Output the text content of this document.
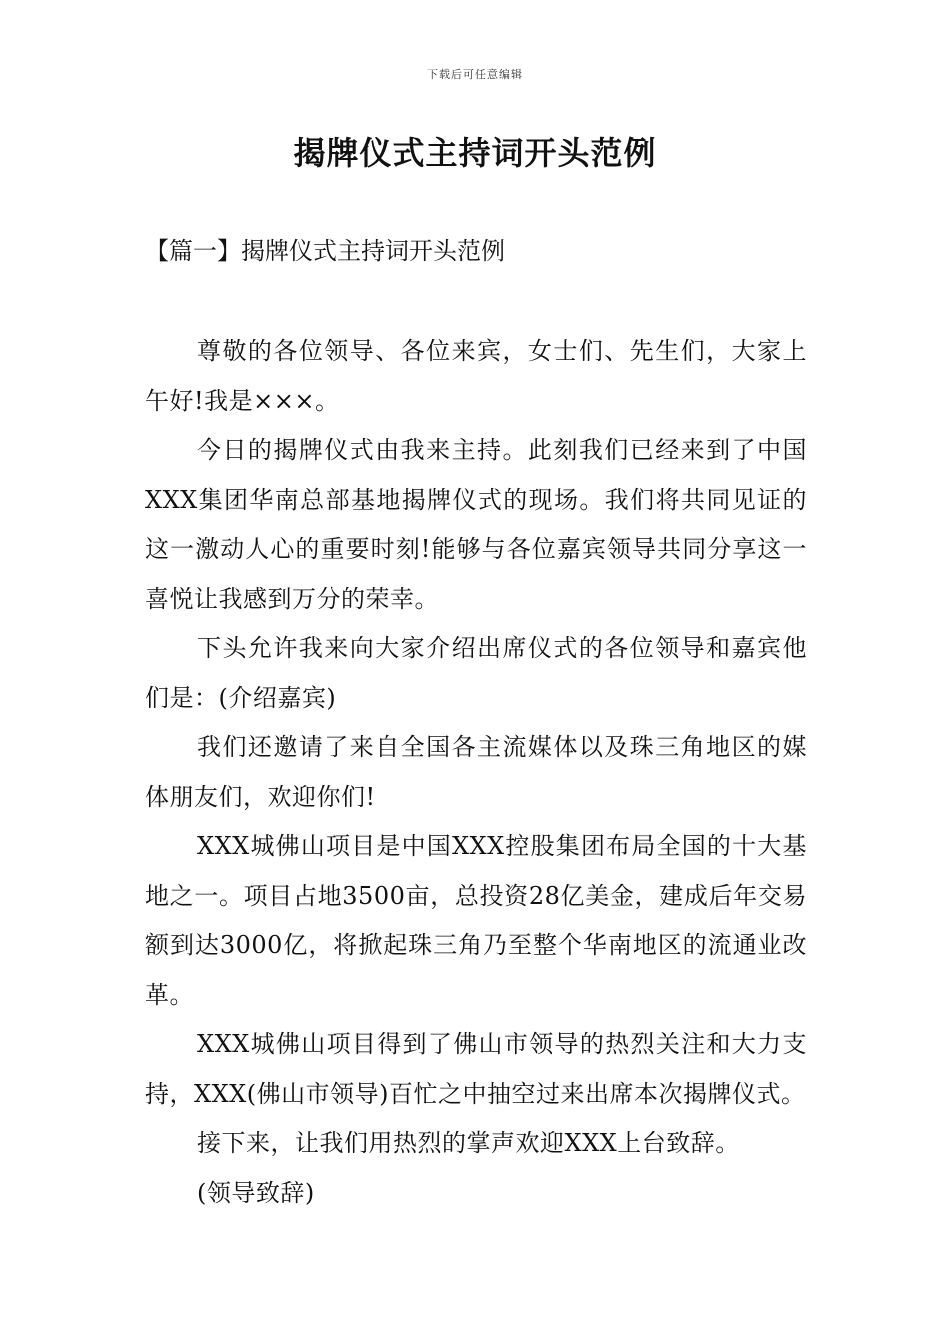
下载后可任意编辑
揭牌仪式主持词开头范例
【篇一】揭牌仪式主持词开头范例

尊敬的各位领导、各位来宾，女士们、先生们，大家上午好!我是×××。

今日的揭牌仪式由我来主持。此刻我们已经来到了中国XXX集团华南总部基地揭牌仪式的现场。我们将共同见证的这一激动人心的重要时刻!能够与各位嘉宾领导共同分享这一喜悦让我感到万分的荣幸。

下头允许我来向大家介绍出席仪式的各位领导和嘉宾他们是：(介绍嘉宾)

我们还邀请了来自全国各主流媒体以及珠三角地区的媒体朋友们，欢迎你们!

XXX城佛山项目是中国XXX控股集团布局全国的十大基地之一。项目占地3500亩，总投资28亿美金，建成后年交易额到达3000亿，将掀起珠三角乃至整个华南地区的流通业改革。

XXX城佛山项目得到了佛山市领导的热烈关注和大力支持，XXX(佛山市领导)百忙之中抽空过来出席本次揭牌仪式。

接下来，让我们用热烈的掌声欢迎XXX上台致辞。

(领导致辞)
